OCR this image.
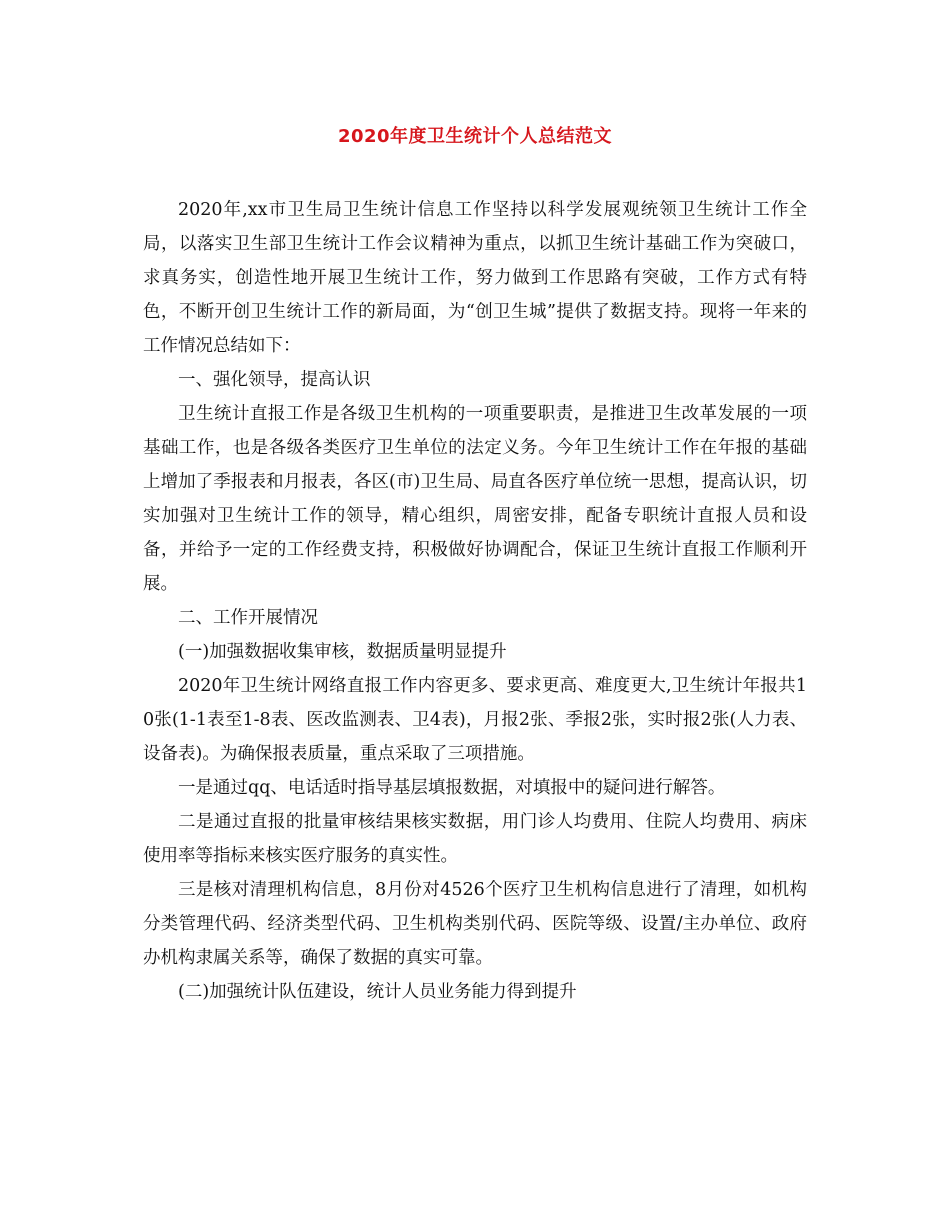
2020年度卫生统计个人总结范文

2020年,xx市卫生局卫生统计信息工作坚持以科学发展观统领卫生统计工作全局，以落实卫生部卫生统计工作会议精神为重点，以抓卫生统计基础工作为突破口，求真务实，创造性地开展卫生统计工作，努力做到工作思路有突破，工作方式有特色，不断开创卫生统计工作的新局面，为“创卫生城”提供了数据支持。现将一年来的工作情况总结如下：

一、强化领导，提高认识

卫生统计直报工作是各级卫生机构的一项重要职责，是推进卫生改革发展的一项基础工作，也是各级各类医疗卫生单位的法定义务。今年卫生统计工作在年报的基础上增加了季报表和月报表，各区(市)卫生局、局直各医疗单位统一思想，提高认识，切实加强对卫生统计工作的领导，精心组织，周密安排，配备专职统计直报人员和设备，并给予一定的工作经费支持，积极做好协调配合，保证卫生统计直报工作顺利开展。

二、工作开展情况

(一)加强数据收集审核，数据质量明显提升

2020年卫生统计网络直报工作内容更多、要求更高、难度更大,卫生统计年报共10张(1-1表至1-8表、医改监测表、卫4表)，月报2张、季报2张，实时报2张(人力表、设备表)。为确保报表质量，重点采取了三项措施。

一是通过qq、电话适时指导基层填报数据，对填报中的疑问进行解答。

二是通过直报的批量审核结果核实数据，用门诊人均费用、住院人均费用、病床使用率等指标来核实医疗服务的真实性。

三是核对清理机构信息，8月份对4526个医疗卫生机构信息进行了清理，如机构分类管理代码、经济类型代码、卫生机构类别代码、医院等级、设置/主办单位、政府办机构隶属关系等，确保了数据的真实可靠。

(二)加强统计队伍建设，统计人员业务能力得到提升
